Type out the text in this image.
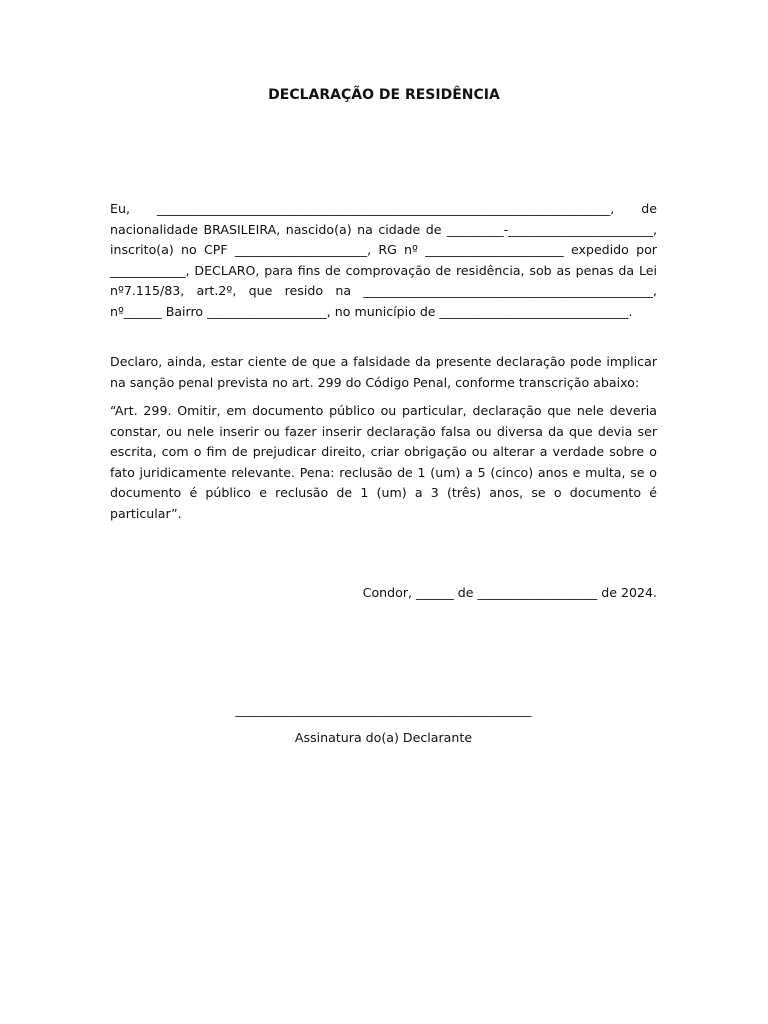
DECLARAÇÃO DE RESIDÊNCIA
Eu, ________________________________________________________________________, de nacionalidade BRASILEIRA, nascido(a) na cidade de _________-_______________________, inscrito(a) no CPF _____________________, RG nº ______________________ expedido por ____________, DECLARO, para fins de comprovação de residência, sob as penas da Lei nº7.115/83, art.2º, que resido na ______________________________________________, nº______ Bairro ___________________, no município de ______________________________.
Declaro, ainda, estar ciente de que a falsidade da presente declaração pode implicar na sanção penal prevista no art. 299 do Código Penal, conforme transcrição abaixo:
“Art. 299. Omitir, em documento público ou particular, declaração que nele deveria constar, ou nele inserir ou fazer inserir declaração falsa ou diversa da que devia ser escrita, com o fim de prejudicar direito, criar obrigação ou alterar a verdade sobre o fato juridicamente relevante. Pena: reclusão de 1 (um) a 5 (cinco) anos e multa, se o documento é público e reclusão de 1 (um) a 3 (três) anos, se o documento é particular”.
Condor, ______ de ___________________ de 2024.
_______________________________________________
Assinatura do(a) Declarante
